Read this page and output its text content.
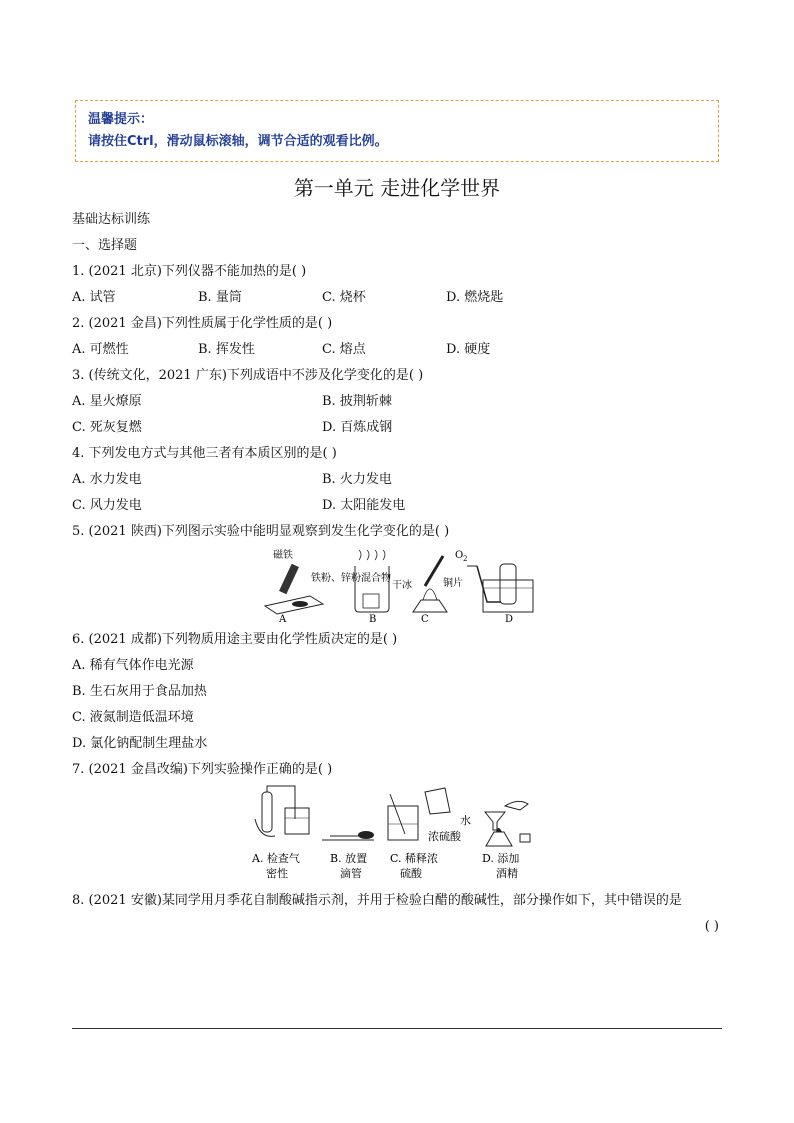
温馨提示：
请按住Ctrl，滑动鼠标滚轴，调节合适的观看比例。
第一单元 走进化学世界
基础达标训练
一、选择题
1. (2021 北京)下列仪器不能加热的是( )
A. 试管	B. 量筒	C. 烧杯	D. 燃烧匙
2. (2021 金昌)下列性质属于化学性质的是( )
A. 可燃性	B. 挥发性	C. 熔点	D. 硬度
3. (传统文化，2021 广东)下列成语中不涉及化学变化的是( )
A. 星火燎原	B. 披荆斩棘
C. 死灰复燃	D. 百炼成钢
4. 下列发电方式与其他三者有本质区别的是( )
A. 水力发电	B. 火力发电
C. 风力发电	D. 太阳能发电
5. (2021 陕西)下列图示实验中能明显观察到发生化学变化的是( )
磁铁
铁粉、锌粉混合物
A
干冰
B
铜片
C
O 2
D
6. (2021 成都)下列物质用途主要由化学性质决定的是( )
A. 稀有气体作电光源
B. 生石灰用于食品加热
C. 液氮制造低温环境
D. 氯化钠配制生理盐水
7. (2021 金昌改编)下列实验操作正确的是( )
A. 检查气
密性
B. 放置
滴管
水
浓硫酸
C. 稀释浓
硫酸
D. 添加
酒精
8. (2021 安徽)某同学用月季花自制酸碱指示剂，并用于检验白醋的酸碱性，部分操作如下，其中错误的是
( )
